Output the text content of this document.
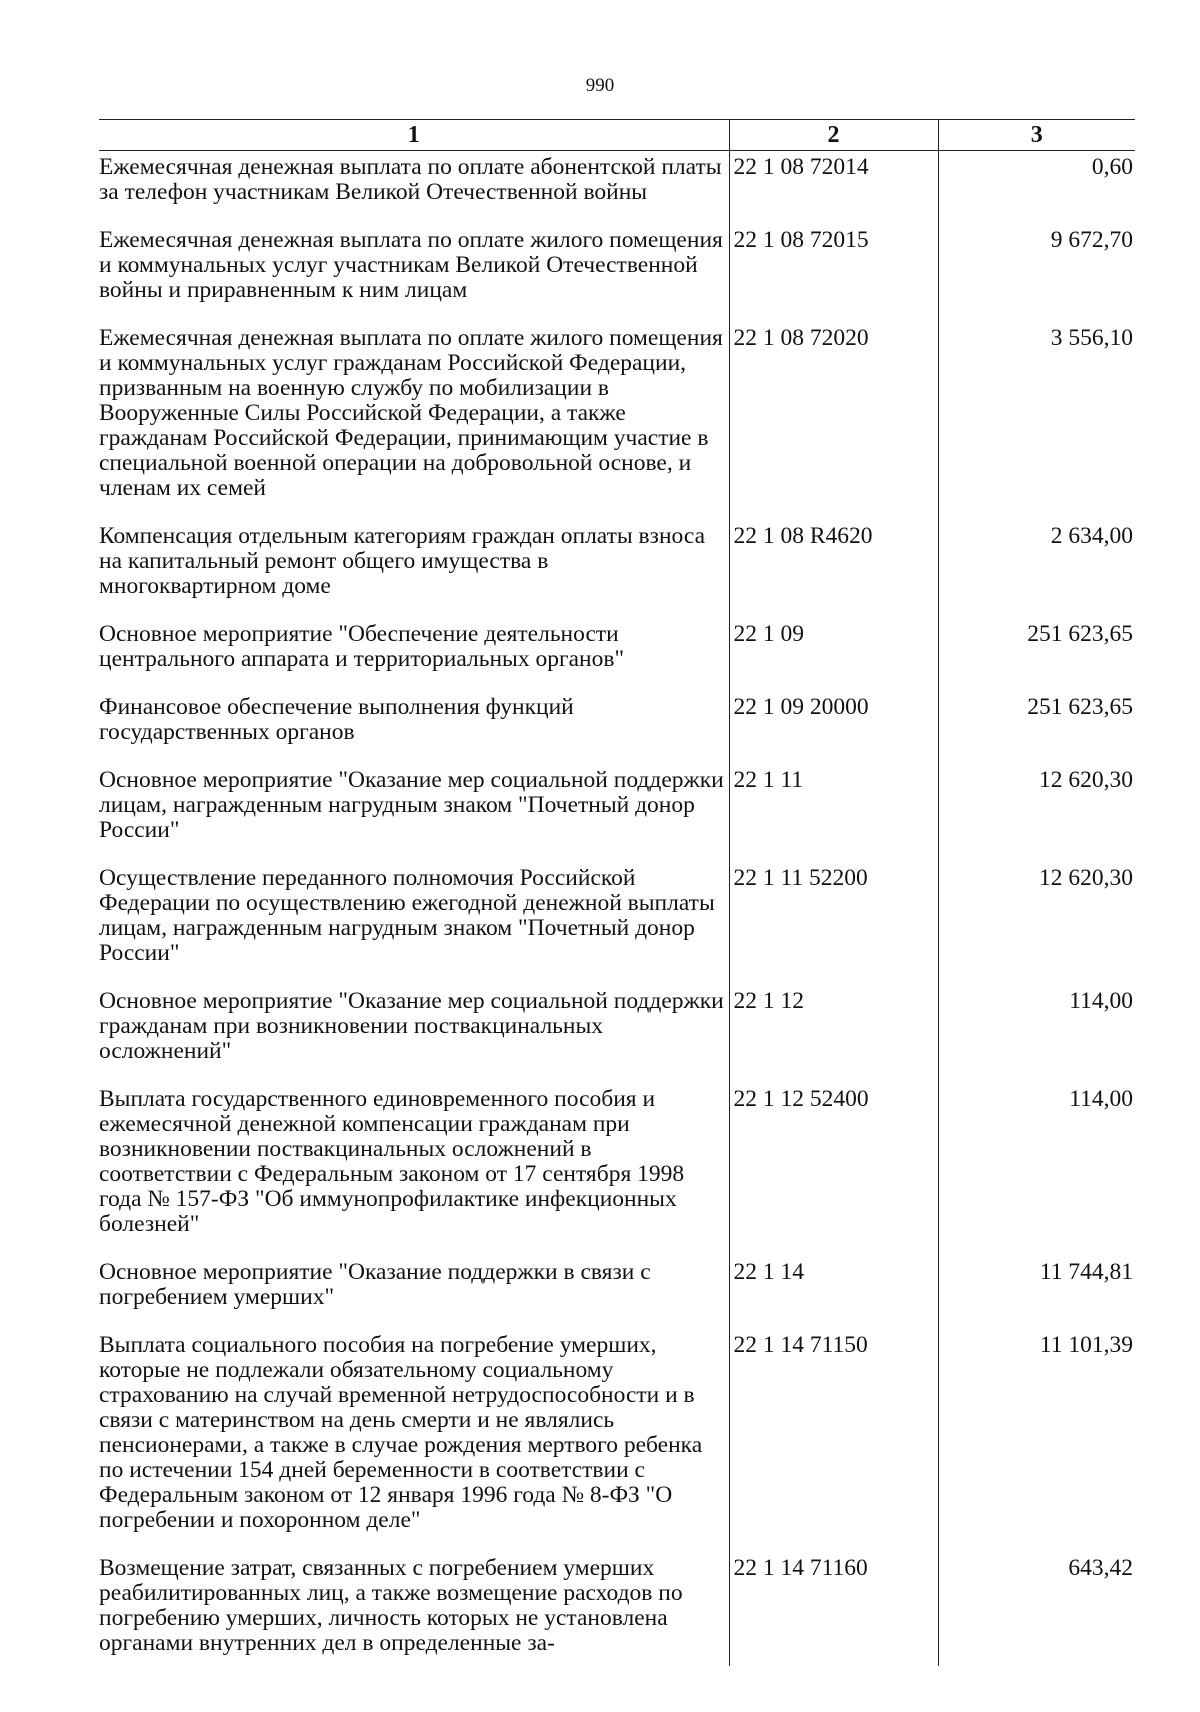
990
1	2	3
Ежемесячная денежная выплата по оплате абонентской платы за телефон участникам Великой Отечественной войны	22 1 08 72014	0,60
Ежемесячная денежная выплата по оплате жилого помещения и коммунальных услуг участникам Великой Отечественной войны и приравненным к ним лицам	22 1 08 72015	9 672,70
Ежемесячная денежная выплата по оплате жилого помещения и коммунальных услуг гражданам Российской Федерации, призванным на военную службу по мобилизации в Вооруженные Силы Российской Федерации, а также гражданам Российской Федерации, принимающим участие в специальной военной операции на добровольной основе, и членам их семей	22 1 08 72020	3 556,10
Компенсация отдельным категориям граждан оплаты взноса на капитальный ремонт общего имущества в многоквартирном доме	22 1 08 R4620	2 634,00
Основное мероприятие "Обеспечение деятельности центрального аппарата и территориальных органов"	22 1 09	251 623,65
Финансовое обеспечение выполнения функций государственных органов	22 1 09 20000	251 623,65
Основное мероприятие "Оказание мер социальной поддержки лицам, награжденным нагрудным знаком "Почетный донор России"	22 1 11	12 620,30
Осуществление переданного полномочия Российской Федерации по осуществлению ежегодной денежной выплаты лицам, награжденным нагрудным знаком "Почетный донор России"	22 1 11 52200	12 620,30
Основное мероприятие "Оказание мер социальной поддержки гражданам при возникновении поствакцинальных осложнений"	22 1 12	114,00
Выплата государственного единовременного пособия и ежемесячной денежной компенсации гражданам при возникновении поствакцинальных осложнений в соответствии с Федеральным законом от 17 сентября 1998 года № 157-ФЗ "Об иммунопрофилактике инфекционных болезней"	22 1 12 52400	114,00
Основное мероприятие "Оказание поддержки в связи с погребением умерших"	22 1 14	11 744,81
Выплата социального пособия на погребение умерших, которые не подлежали обязательному социальному страхованию на случай временной нетрудоспособности и в связи с материнством на день смерти и не являлись пенсионерами, а также в случае рождения мертвого ребенка по истечении 154 дней беременности в соответствии с Федеральным законом от 12 января 1996 года № 8-ФЗ "О погребении и похоронном деле"	22 1 14 71150	11 101,39
Возмещение затрат, связанных с погребением умерших реабилитированных лиц, а также возмещение расходов по погребению умерших, личность которых не установлена органами внутренних дел в определенные за-	22 1 14 71160	643,42
